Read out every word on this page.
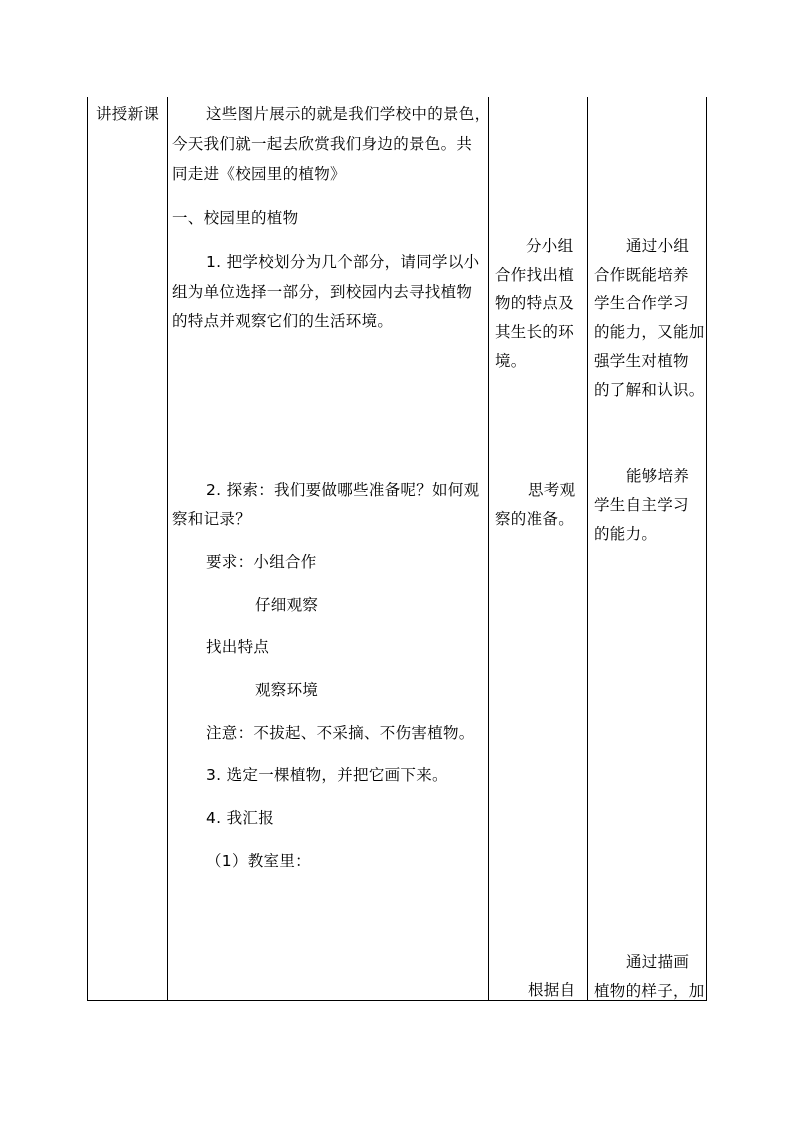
讲授新课	这些图片展示的就是我们学校中的景色，
今天我们就一起去欣赏我们身边的景色。共
同走进《校园里的植物》
一、校园里的植物
1. 把学校划分为几个部分，请同学以小
组为单位选择一部分，到校园内去寻找植物
的特点并观察它们的生活环境。
2. 探索：我们要做哪些准备呢？如何观
察和记录？
要求：小组合作
仔细观察
找出特点
观察环境
注意：不拔起、不采摘、不伤害植物。
3. 选定一棵植物，并把它画下来。
4. 我汇报
（1）教室里：
分小组
合作找出植
物的特点及
其生长的环
境。
思考观
察的准备。
根据自
通过小组
合作既能培养
学生合作学习
的能力，又能加
强学生对植物
的了解和认识。
能够培养
学生自主学习
的能力。
通过描画
植物的样子，加
